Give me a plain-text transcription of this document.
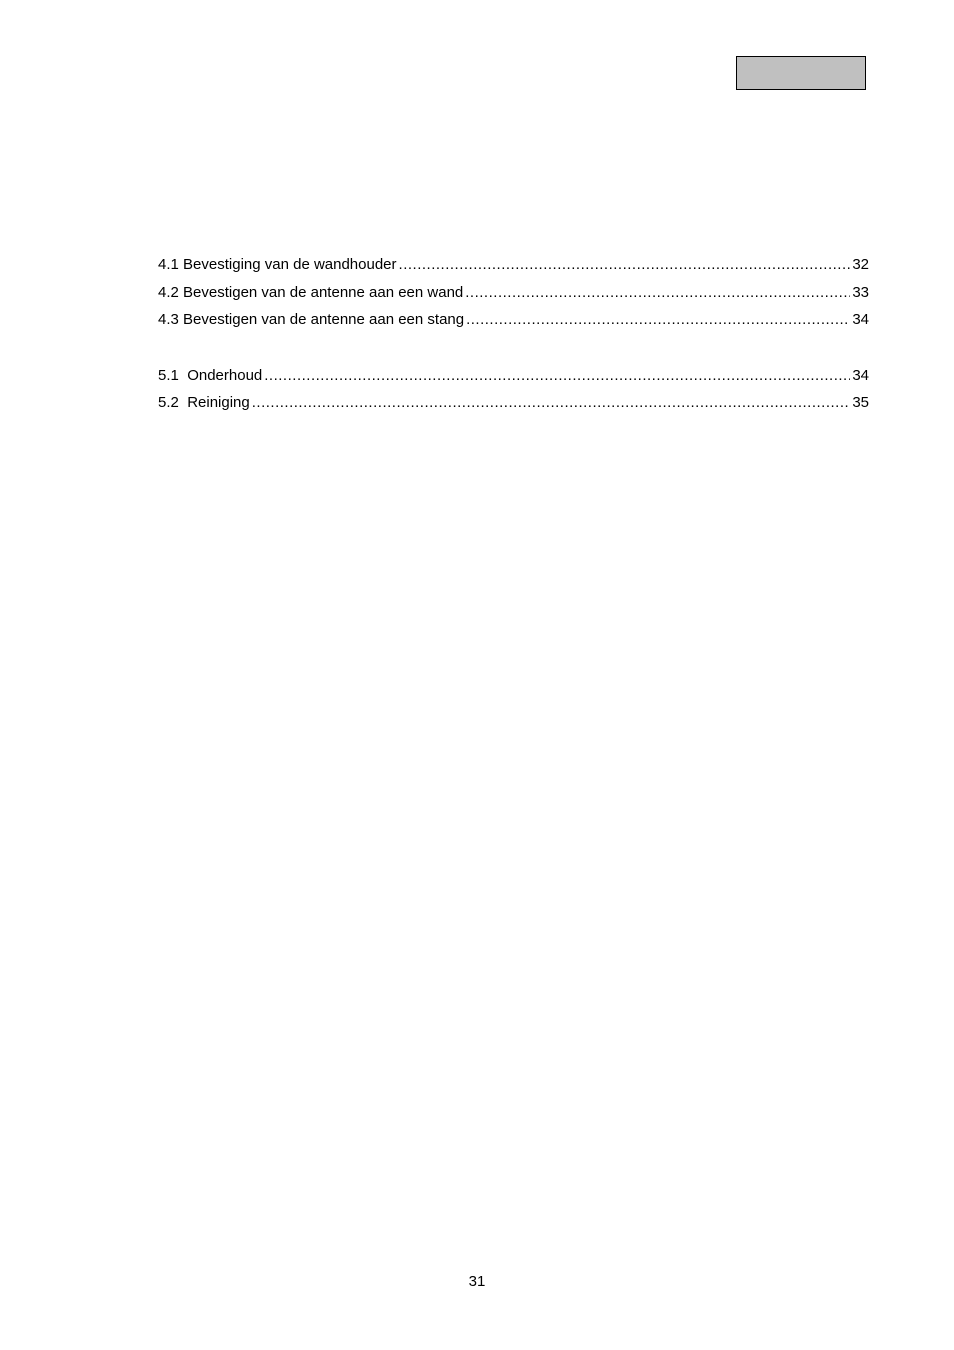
4.1 Bevestiging van de wandhouder .....	32
4.2 Bevestigen van de antenne aan een wand .....	33
4.3 Bevestigen van de antenne aan een stang .....	34
5.1 Onderhoud .....	34
5.2 Reiniging .....	35
31
